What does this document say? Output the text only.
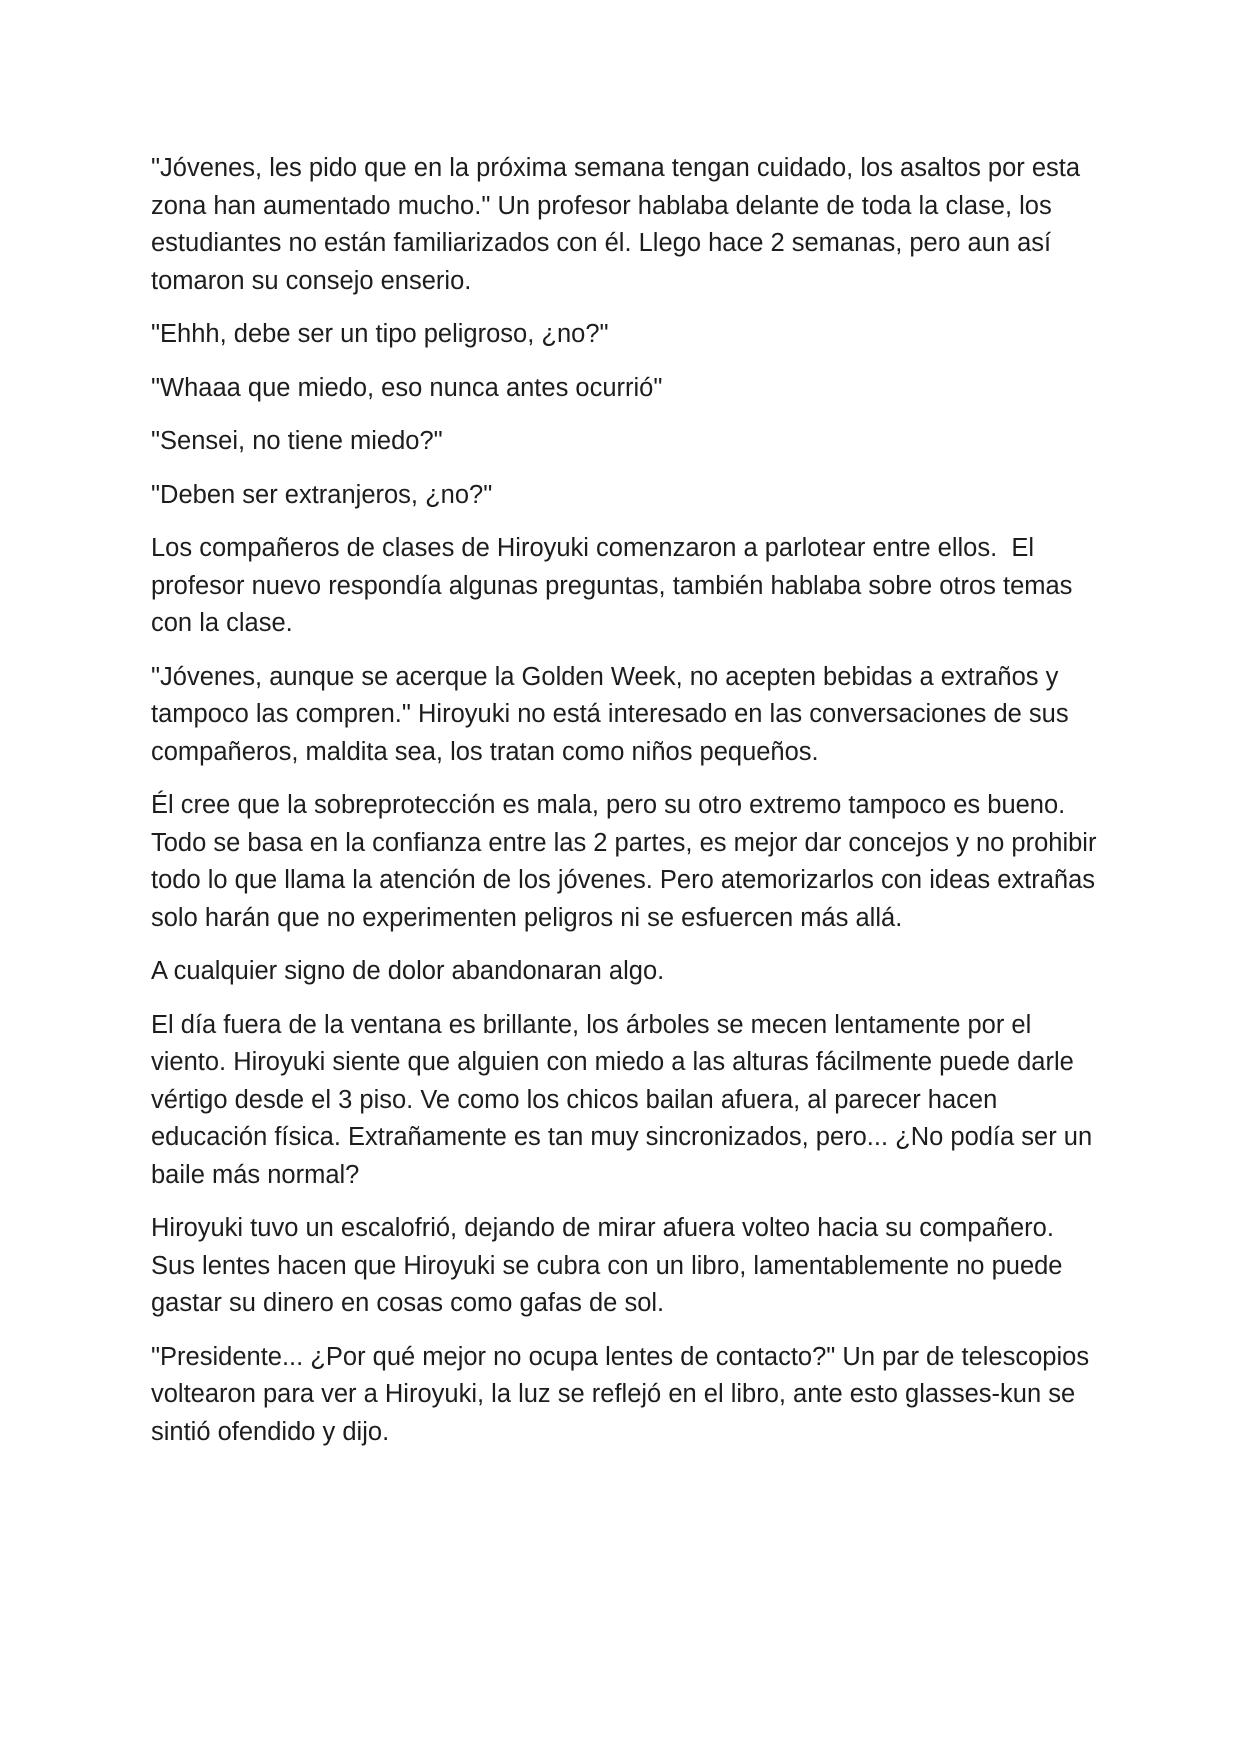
"Jóvenes, les pido que en la próxima semana tengan cuidado, los asaltos por esta zona han aumentado mucho." Un profesor hablaba delante de toda la clase, los estudiantes no están familiarizados con él. Llego hace 2 semanas, pero aun así tomaron su consejo enserio.

"Ehhh, debe ser un tipo peligroso, ¿no?"

"Whaaa que miedo, eso nunca antes ocurrió"

"Sensei, no tiene miedo?"

"Deben ser extranjeros, ¿no?"

Los compañeros de clases de Hiroyuki comenzaron a parlotear entre ellos.  El profesor nuevo respondía algunas preguntas, también hablaba sobre otros temas con la clase.

"Jóvenes, aunque se acerque la Golden Week, no acepten bebidas a extraños y tampoco las compren." Hiroyuki no está interesado en las conversaciones de sus compañeros, maldita sea, los tratan como niños pequeños.

Él cree que la sobreprotección es mala, pero su otro extremo tampoco es bueno. Todo se basa en la confianza entre las 2 partes, es mejor dar concejos y no prohibir todo lo que llama la atención de los jóvenes. Pero atemorizarlos con ideas extrañas solo harán que no experimenten peligros ni se esfuercen más allá.

A cualquier signo de dolor abandonaran algo.

El día fuera de la ventana es brillante, los árboles se mecen lentamente por el viento. Hiroyuki siente que alguien con miedo a las alturas fácilmente puede darle vértigo desde el 3 piso. Ve como los chicos bailan afuera, al parecer hacen educación física. Extrañamente es tan muy sincronizados, pero... ¿No podía ser un baile más normal?

Hiroyuki tuvo un escalofrió, dejando de mirar afuera volteo hacia su compañero. Sus lentes hacen que Hiroyuki se cubra con un libro, lamentablemente no puede gastar su dinero en cosas como gafas de sol.

"Presidente... ¿Por qué mejor no ocupa lentes de contacto?" Un par de telescopios voltearon para ver a Hiroyuki, la luz se reflejó en el libro, ante esto glasses-kun se sintió ofendido y dijo.
